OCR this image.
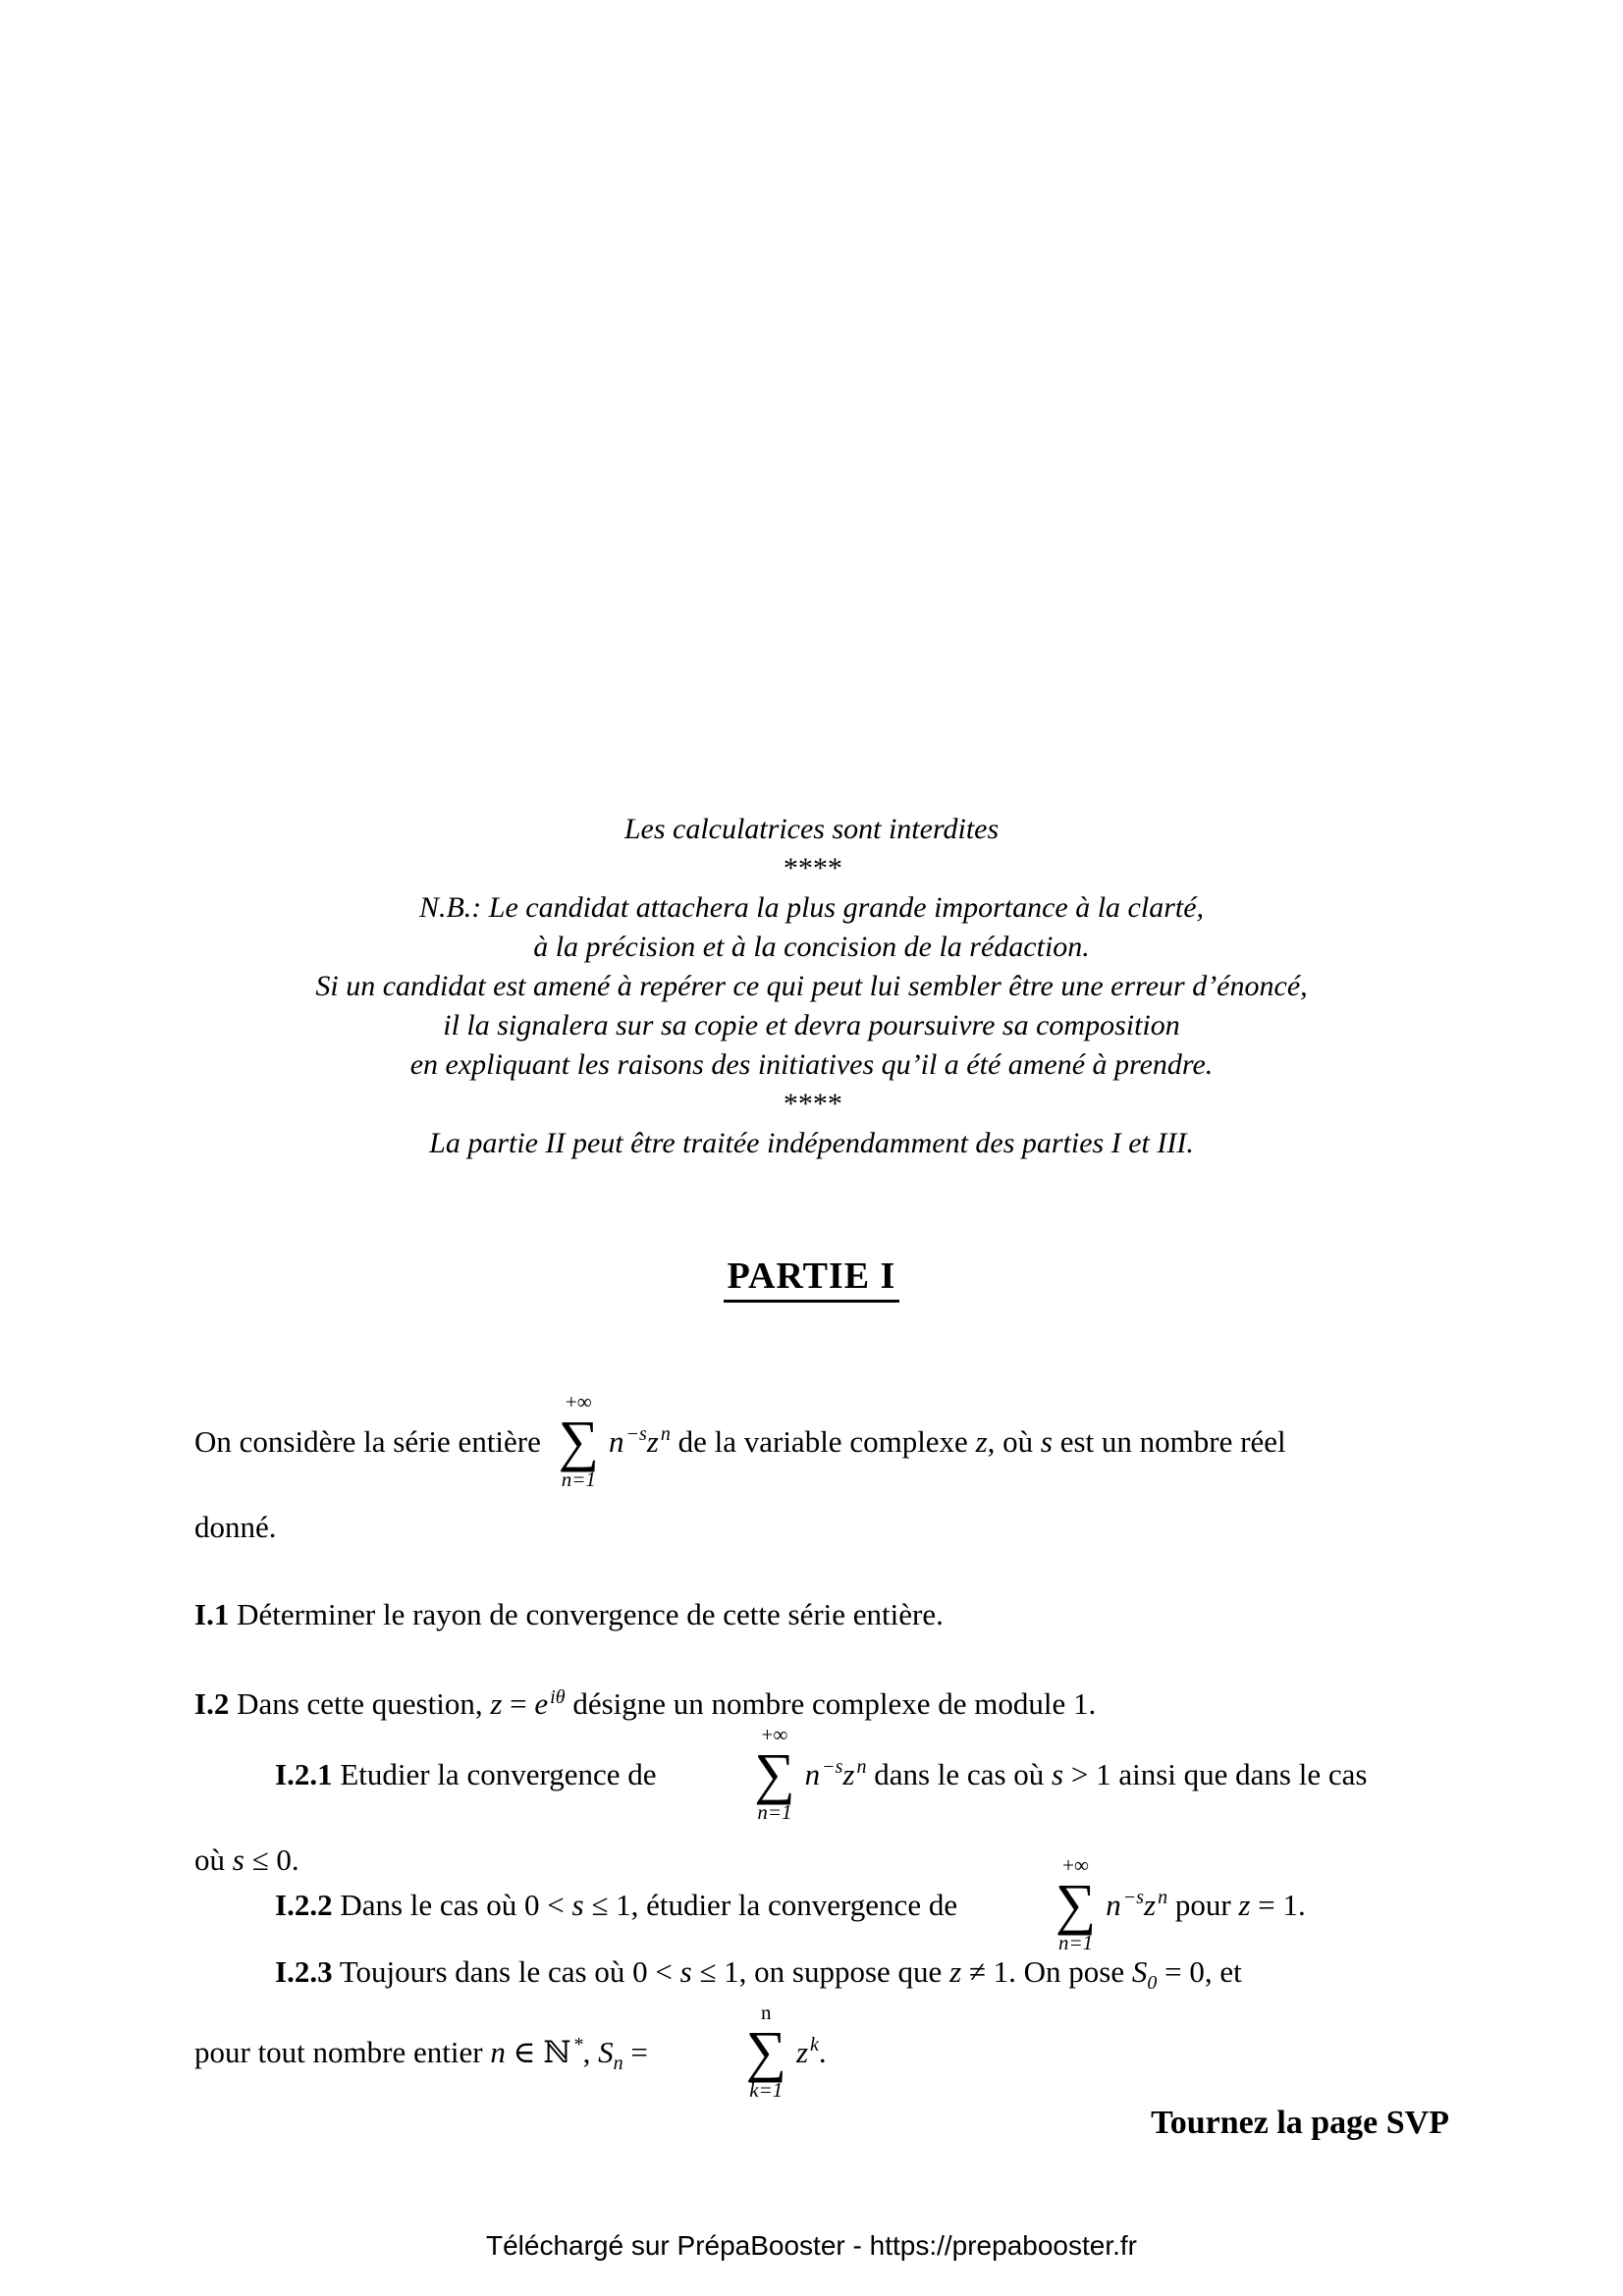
Les calculatrices sont interdites
****
N.B.: Le candidat attachera la plus grande importance à la clarté,
à la précision et à la concision de la rédaction.
Si un candidat est amené à repérer ce qui peut lui sembler être une erreur d’énoncé,
il la signalera sur sa copie et devra poursuivre sa composition
en expliquant les raisons des initiatives qu’il a été amené à prendre.
****
La partie II peut être traitée indépendamment des parties I et III.
PARTIE I

On considère la série entière
+∞
∑
n=1
n $^{-s}$z $^n$ de la variable complexe z, où s est un nombre réel
donné.

I.1 Déterminer le rayon de convergence de cette série entière.

I.2 Dans cette question, z = e $^{i\theta}$ désigne un nombre complexe de module 1.

I.2.1 Etudier la convergence de
+∞
∑
n=1
n $^{-s}$z $^n$ dans le cas où s > 1 ainsi que dans le cas
où s ≤ 0.

I.2.2 Dans le cas où 0 < s ≤ 1, étudier la convergence de
+∞
∑
n=1
n $^{-s}$z $^n$ pour z = 1.

I.2.3 Toujours dans le cas où 0 < s ≤ 1, on suppose que z ≠ 1. On pose $S_0 = 0$, et
pour tout nombre entier n ∈ ℕ *, $S_n$ =
n
∑
k=1
z $^k$.

Tournez la page SVP
Téléchargé sur PrépaBooster - https://prepabooster.fr
